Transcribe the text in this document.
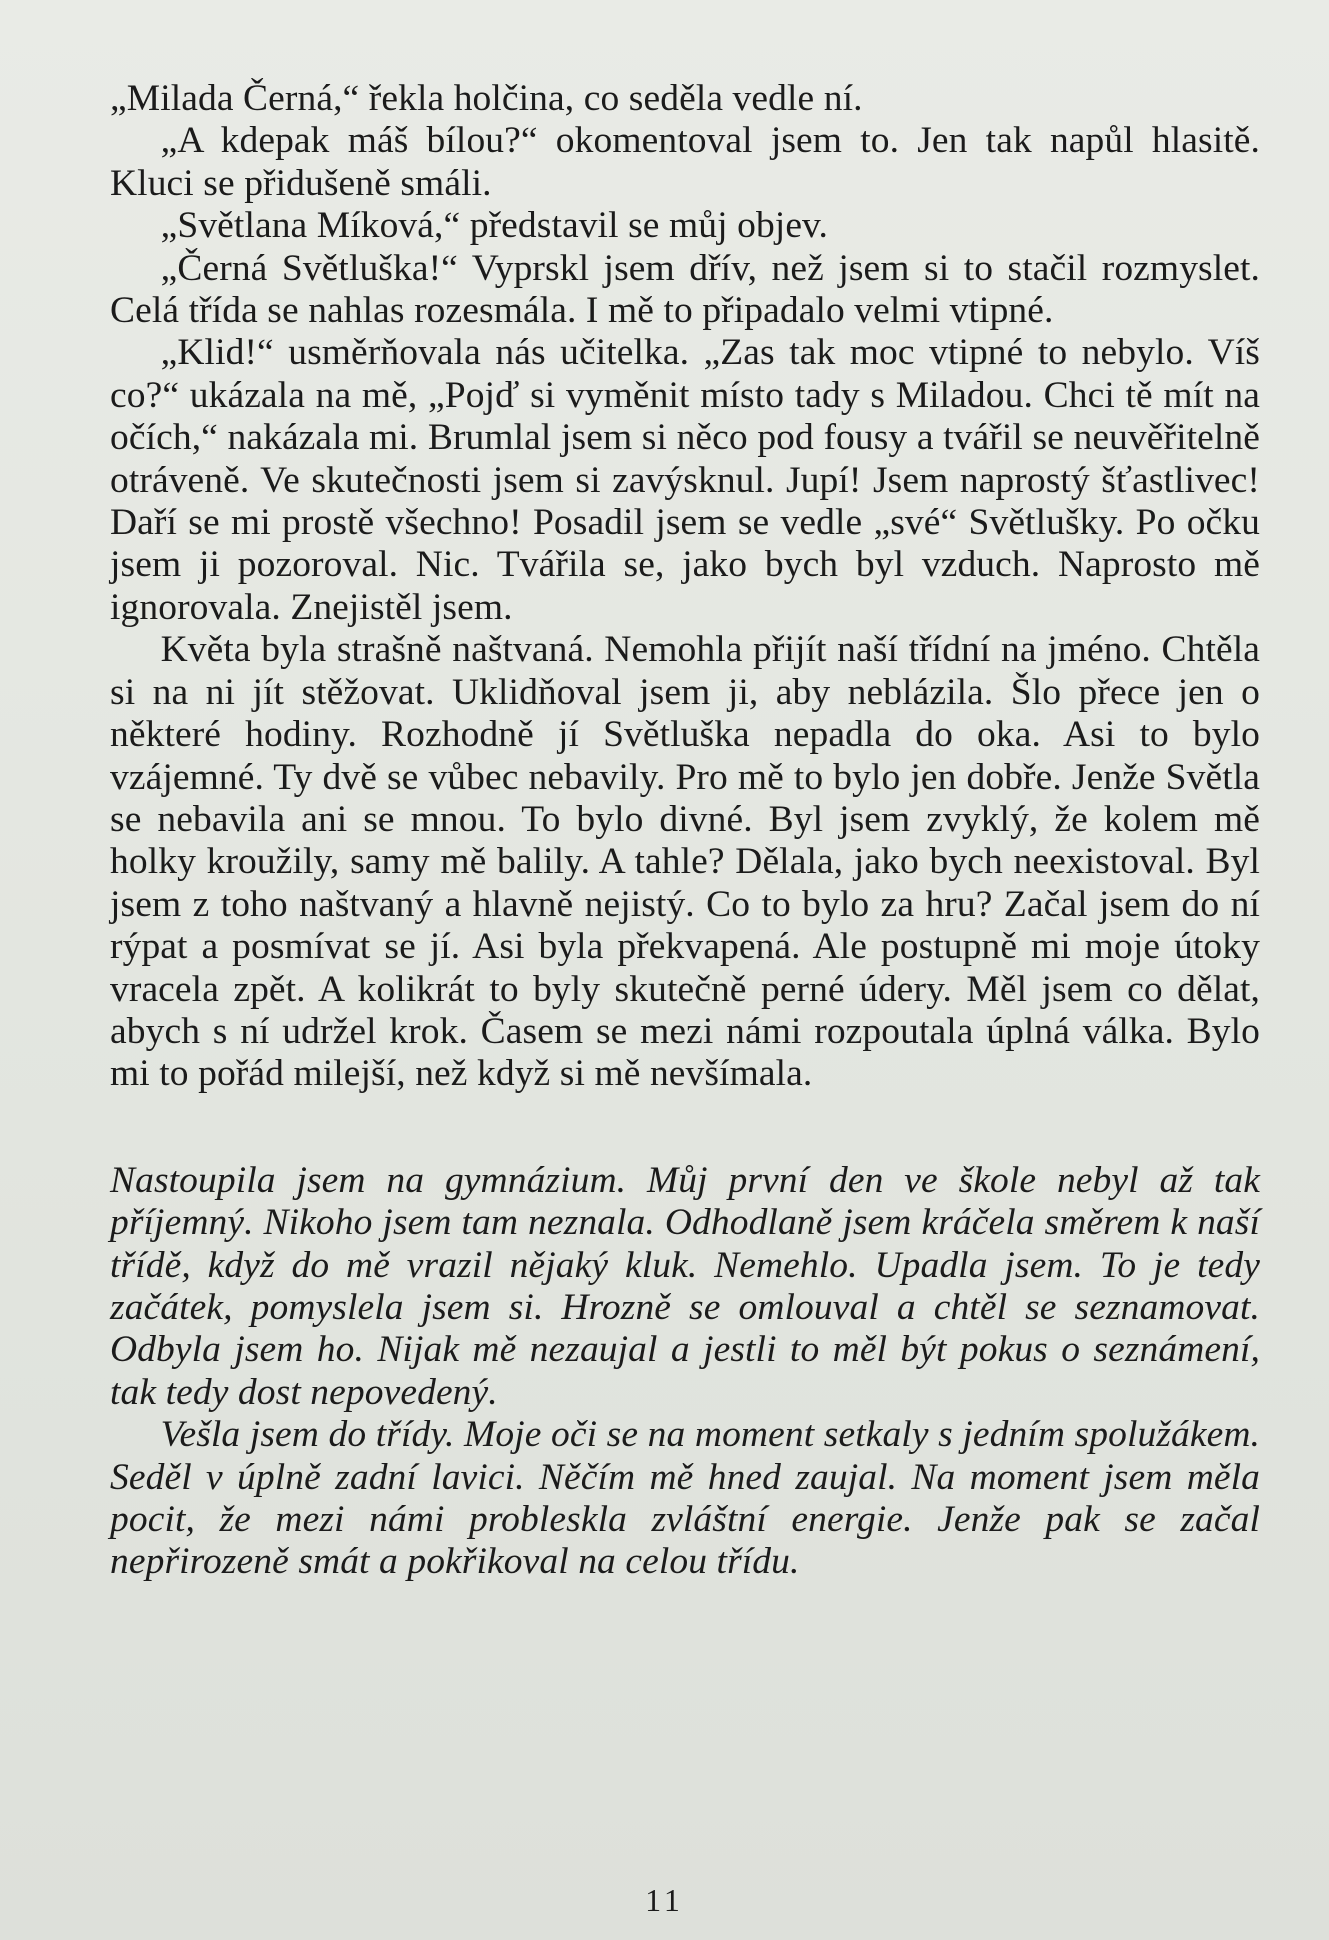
„Milada Černá,“ řekla holčina, co seděla vedle ní.

„A kdepak máš bílou?“ okomentoval jsem to. Jen tak napůl hlasitě. Kluci se přidušeně smáli.

„Světlana Míková,“ představil se můj objev.

„Černá Světluška!“ Vyprskl jsem dřív, než jsem si to stačil rozmyslet. Celá třída se nahlas rozesmála. I mě to připadalo velmi vtipné.

„Klid!“ usměrňovala nás učitelka. „Zas tak moc vtipné to nebylo. Víš co?“ ukázala na mě, „Pojď si vyměnit místo tady s Miladou. Chci tě mít na očích,“ nakázala mi. Brumlal jsem si něco pod fousy a tvářil se neuvěřitelně otráveně. Ve skutečnosti jsem si zavýsknul. Jupí! Jsem naprostý šťastlivec! Daří se mi prostě všechno! Posadil jsem se vedle „své“ Světlušky. Po očku jsem ji pozoroval. Nic. Tvářila se, jako bych byl vzduch. Naprosto mě ignorovala. Znejistěl jsem.

Květa byla strašně naštvaná. Nemohla přijít naší třídní na jméno. Chtěla si na ni jít stěžovat. Uklidňoval jsem ji, aby neblázila. Šlo přece jen o některé hodiny. Rozhodně jí Světluška nepadla do oka. Asi to bylo vzájemné. Ty dvě se vůbec nebavily. Pro mě to bylo jen dobře. Jenže Světla se nebavila ani se mnou. To bylo divné. Byl jsem zvyklý, že kolem mě holky kroužily, samy mě balily. A tahle? Dělala, jako bych neexistoval. Byl jsem z toho naštvaný a hlavně nejistý. Co to bylo za hru? Začal jsem do ní rýpat a posmívat se jí. Asi byla překvapená. Ale postupně mi moje útoky vracela zpět. A kolikrát to byly skutečně perné údery. Měl jsem co dělat, abych s ní udržel krok. Časem se mezi námi rozpoutala úplná válka. Bylo mi to pořád milejší, než když si mě nevšímala.

Nastoupila jsem na gymnázium. Můj první den ve škole nebyl až tak příjemný. Nikoho jsem tam neznala. Odhodlaně jsem kráčela směrem k naší třídě, když do mě vrazil nějaký kluk. Nemehlo. Upadla jsem. To je tedy začátek, pomyslela jsem si. Hrozně se omlouval a chtěl se seznamovat. Odbyla jsem ho. Nijak mě nezaujal a jestli to měl být pokus o seznámení, tak tedy dost nepovedený.

Vešla jsem do třídy. Moje oči se na moment setkaly s jedním spolužákem. Seděl v úplně zadní lavici. Něčím mě hned zaujal. Na moment jsem měla pocit, že mezi námi probleskla zvláštní energie. Jenže pak se začal nepřirozeně smát a pokřikoval na celou třídu.

11
